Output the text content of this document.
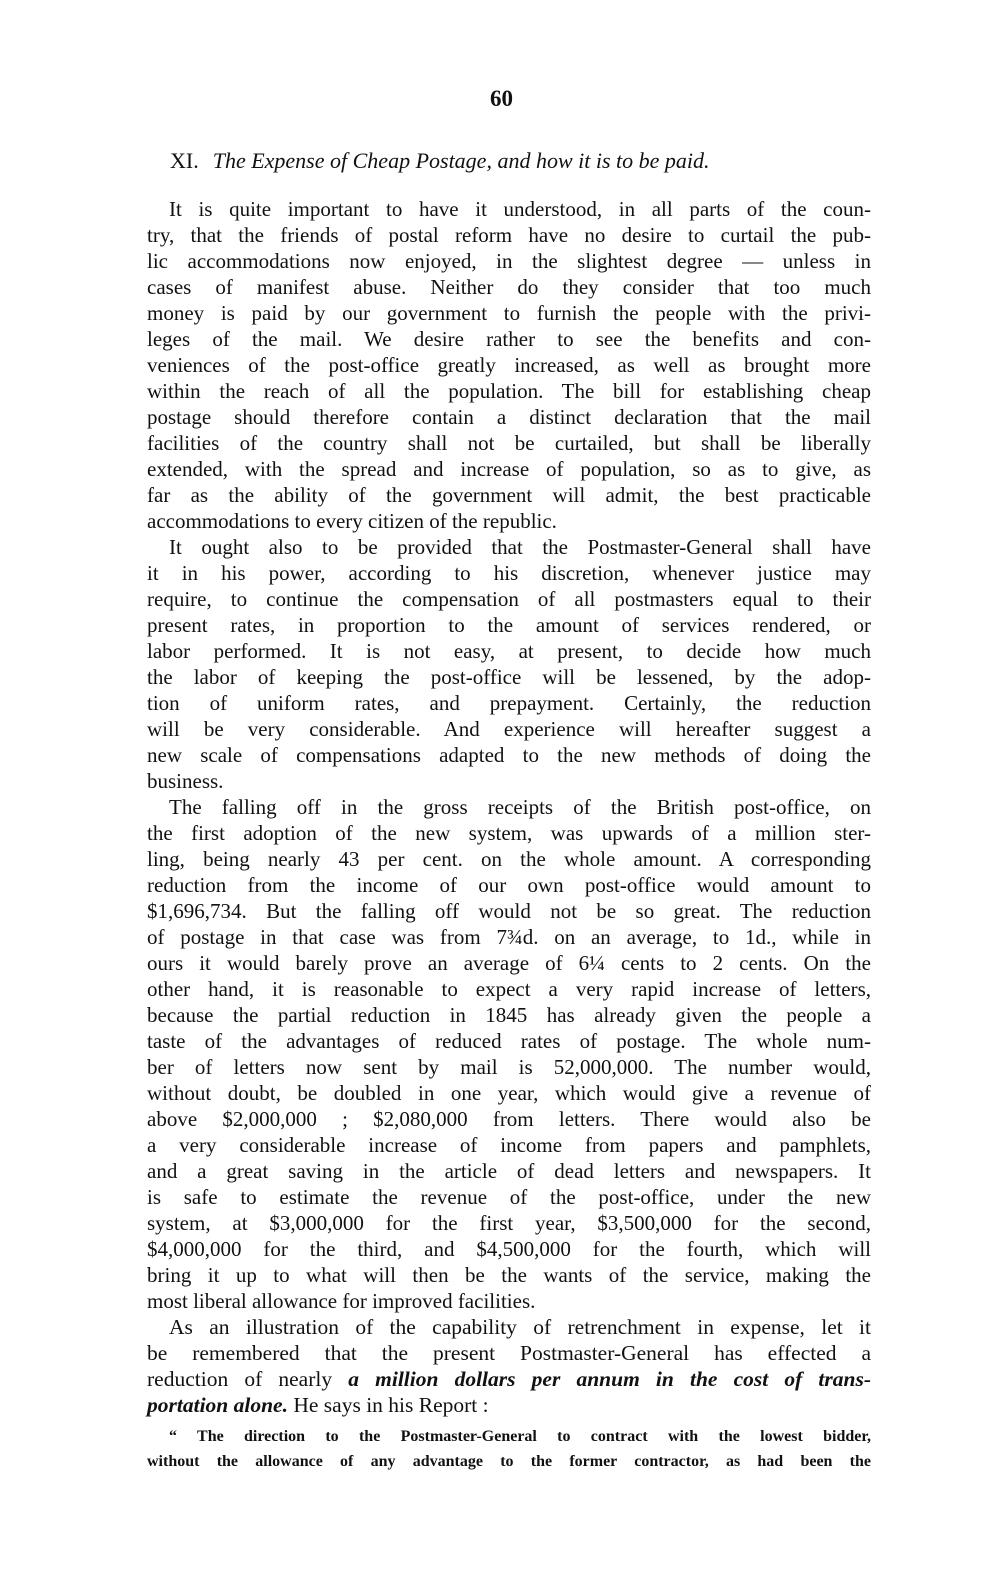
60
XI. The Expense of Cheap Postage, and how it is to be paid.
It is quite important to have it understood, in all parts of the coun-
try, that the friends of postal reform have no desire to curtail the pub-
lic accommodations now enjoyed, in the slightest degree — unless in
cases of manifest abuse. Neither do they consider that too much
money is paid by our government to furnish the people with the privi-
leges of the mail. We desire rather to see the benefits and con-
veniences of the post-office greatly increased, as well as brought more
within the reach of all the population. The bill for establishing cheap
postage should therefore contain a distinct declaration that the mail
facilities of the country shall not be curtailed, but shall be liberally
extended, with the spread and increase of population, so as to give, as
far as the ability of the government will admit, the best practicable
accommodations to every citizen of the republic.
It ought also to be provided that the Postmaster-General shall have
it in his power, according to his discretion, whenever justice may
require, to continue the compensation of all postmasters equal to their
present rates, in proportion to the amount of services rendered, or
labor performed. It is not easy, at present, to decide how much
the labor of keeping the post-office will be lessened, by the adop-
tion of uniform rates, and prepayment. Certainly, the reduction
will be very considerable. And experience will hereafter suggest a
new scale of compensations adapted to the new methods of doing the
business.
The falling off in the gross receipts of the British post-office, on
the first adoption of the new system, was upwards of a million ster-
ling, being nearly 43 per cent. on the whole amount. A corresponding
reduction from the income of our own post-office would amount to
$1,696,734. But the falling off would not be so great. The reduction
of postage in that case was from 7¾d. on an average, to 1d., while in
ours it would barely prove an average of 6¼ cents to 2 cents. On the
other hand, it is reasonable to expect a very rapid increase of letters,
because the partial reduction in 1845 has already given the people a
taste of the advantages of reduced rates of postage. The whole num-
ber of letters now sent by mail is 52,000,000. The number would,
without doubt, be doubled in one year, which would give a revenue of
above $2,000,000 ; $2,080,000 from letters. There would also be
a very considerable increase of income from papers and pamphlets,
and a great saving in the article of dead letters and newspapers. It
is safe to estimate the revenue of the post-office, under the new
system, at $3,000,000 for the first year, $3,500,000 for the second,
$4,000,000 for the third, and $4,500,000 for the fourth, which will
bring it up to what will then be the wants of the service, making the
most liberal allowance for improved facilities.
As an illustration of the capability of retrenchment in expense, let it
be remembered that the present Postmaster-General has effected a
reduction of nearly a million dollars per annum in the cost of trans-
portation alone. He says in his Report :
“ The direction to the Postmaster-General to contract with the lowest bidder,
without the allowance of any advantage to the former contractor, as had been the
